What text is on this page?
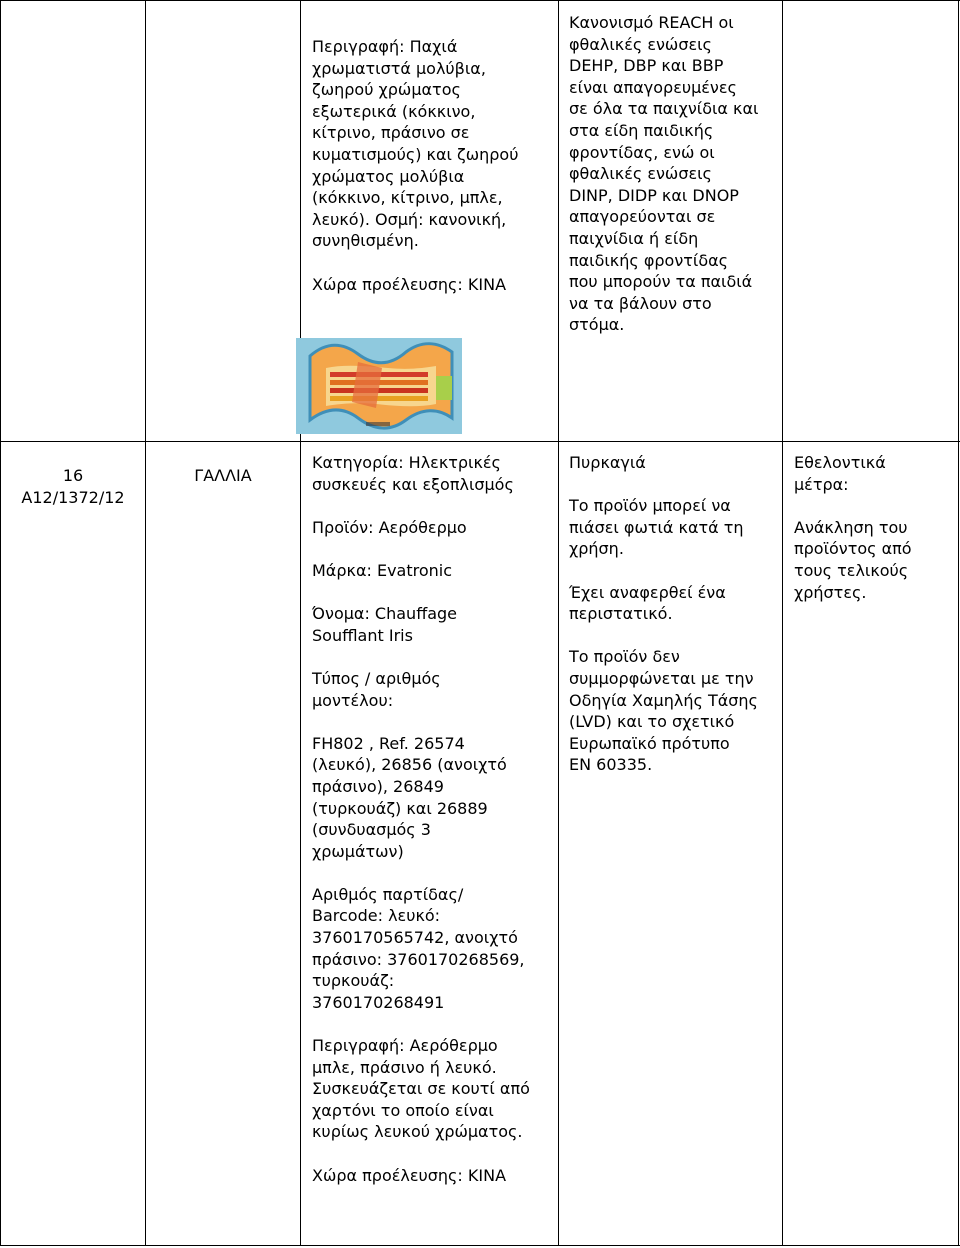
Περιγραφή: Παχιά
χρωματιστά μολύβια,
ζωηρού χρώματος
εξωτερικά (κόκκινο,
κίτρινο, πράσινο σε
κυματισμούς) και ζωηρού
χρώματος μολύβια
(κόκκινο, κίτρινο, μπλε,
λευκό). Οσμή: κανονική,
συνηθισμένη.

Χώρα προέλευσης: ΚΙΝΑ

Κανονισμό REACH οι
φθαλικές ενώσεις
DEHP, DBP και BBP
είναι απαγορευμένες
σε όλα τα παιχνίδια και
στα είδη παιδικής
φροντίδας, ενώ οι
φθαλικές ενώσεις
DINP, DIDP και DNOP
απαγορεύονται σε
παιχνίδια ή είδη
παιδικής φροντίδας
που μπορούν τα παιδιά
να τα βάλουν στο
στόμα.

16
A12/1372/12
ΓΑΛΛΙΑ

Κατηγορία: Ηλεκτρικές
συσκευές και εξοπλισμός

Προϊόν: Αερόθερμο

Μάρκα: Evatronic

Όνομα: Chauffage
Soufflant Iris

Τύπος / αριθμός
μοντέλου:

FH802 , Ref. 26574
(λευκό), 26856 (ανοιχτό
πράσινο), 26849
(τυρκουάζ) και 26889
(συνδυασμός 3
χρωμάτων)

Αριθμός παρτίδας/
Barcode: λευκό:
3760170565742, ανοιχτό
πράσινο: 3760170268569,
τυρκουάζ:
3760170268491

Περιγραφή: Αερόθερμο
μπλε, πράσινο ή λευκό.
Συσκευάζεται σε κουτί από
χαρτόνι το οποίο είναι
κυρίως λευκού χρώματος.

Χώρα προέλευσης: ΚΙΝΑ

Πυρκαγιά

Το προϊόν μπορεί να
πιάσει φωτιά κατά τη
χρήση.

Έχει αναφερθεί ένα
περιστατικό.

Το προϊόν δεν
συμμορφώνεται με την
Οδηγία Χαμηλής Τάσης
(LVD) και το σχετικό
Ευρωπαϊκό πρότυπο
EN 60335.

Εθελοντικά
μέτρα:

Ανάκληση του
προϊόντος από
τους τελικούς
χρήστες.
